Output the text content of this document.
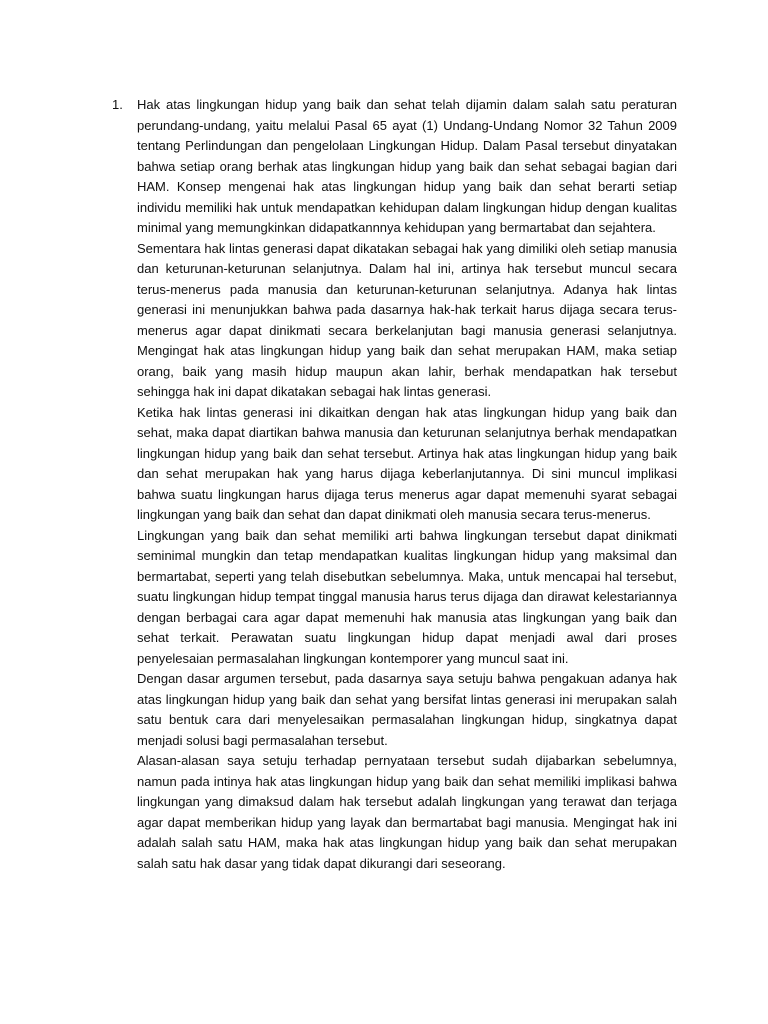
1.	Hak atas lingkungan hidup yang baik dan sehat telah dijamin dalam salah satu peraturan perundang-undang, yaitu melalui Pasal 65 ayat (1) Undang-Undang Nomor 32 Tahun 2009 tentang Perlindungan dan pengelolaan Lingkungan Hidup. Dalam Pasal tersebut dinyatakan bahwa setiap orang berhak atas lingkungan hidup yang baik dan sehat sebagai bagian dari HAM. Konsep mengenai hak atas lingkungan hidup yang baik dan sehat berarti setiap individu memiliki hak untuk mendapatkan kehidupan dalam lingkungan hidup dengan kualitas minimal yang memungkinkan didapatkannnya kehidupan yang bermartabat dan sejahtera.

Sementara hak lintas generasi dapat dikatakan sebagai hak yang dimiliki oleh setiap manusia dan keturunan-keturunan selanjutnya. Dalam hal ini, artinya hak tersebut muncul secara terus-menerus pada manusia dan keturunan-keturunan selanjutnya. Adanya hak lintas generasi ini menunjukkan bahwa pada dasarnya hak-hak terkait harus dijaga secara terus-menerus agar dapat dinikmati secara berkelanjutan bagi manusia generasi selanjutnya. Mengingat hak atas lingkungan hidup yang baik dan sehat merupakan HAM, maka setiap orang, baik yang masih hidup maupun akan lahir, berhak mendapatkan hak tersebut sehingga hak ini dapat dikatakan sebagai hak lintas generasi.

Ketika hak lintas generasi ini dikaitkan dengan hak atas lingkungan hidup yang baik dan sehat, maka dapat diartikan bahwa manusia dan keturunan selanjutnya berhak mendapatkan lingkungan hidup yang baik dan sehat tersebut. Artinya hak atas lingkungan hidup yang baik dan sehat merupakan hak yang harus dijaga keberlanjutannya. Di sini muncul implikasi bahwa suatu lingkungan harus dijaga terus menerus agar dapat memenuhi syarat sebagai lingkungan yang baik dan sehat dan dapat dinikmati oleh manusia secara terus-menerus.

Lingkungan yang baik dan sehat memiliki arti bahwa lingkungan tersebut dapat dinikmati seminimal mungkin dan tetap mendapatkan kualitas lingkungan hidup yang maksimal dan bermartabat, seperti yang telah disebutkan sebelumnya. Maka, untuk mencapai hal tersebut, suatu lingkungan hidup tempat tinggal manusia harus terus dijaga dan dirawat kelestariannya dengan berbagai cara agar dapat memenuhi hak manusia atas lingkungan yang baik dan sehat terkait. Perawatan suatu lingkungan hidup dapat menjadi awal dari proses penyelesaian permasalahan lingkungan kontemporer yang muncul saat ini.

Dengan dasar argumen tersebut, pada dasarnya saya setuju bahwa pengakuan adanya hak atas lingkungan hidup yang baik dan sehat yang bersifat lintas generasi ini merupakan salah satu bentuk cara dari menyelesaikan permasalahan lingkungan hidup, singkatnya dapat menjadi solusi bagi permasalahan tersebut.

Alasan-alasan saya setuju terhadap pernyataan tersebut sudah dijabarkan sebelumnya, namun pada intinya hak atas lingkungan hidup yang baik dan sehat memiliki implikasi bahwa lingkungan yang dimaksud dalam hak tersebut adalah lingkungan yang terawat dan terjaga agar dapat memberikan hidup yang layak dan bermartabat bagi manusia. Mengingat hak ini adalah salah satu HAM, maka hak atas lingkungan hidup yang baik dan sehat merupakan salah satu hak dasar yang tidak dapat dikurangi dari seseorang.
